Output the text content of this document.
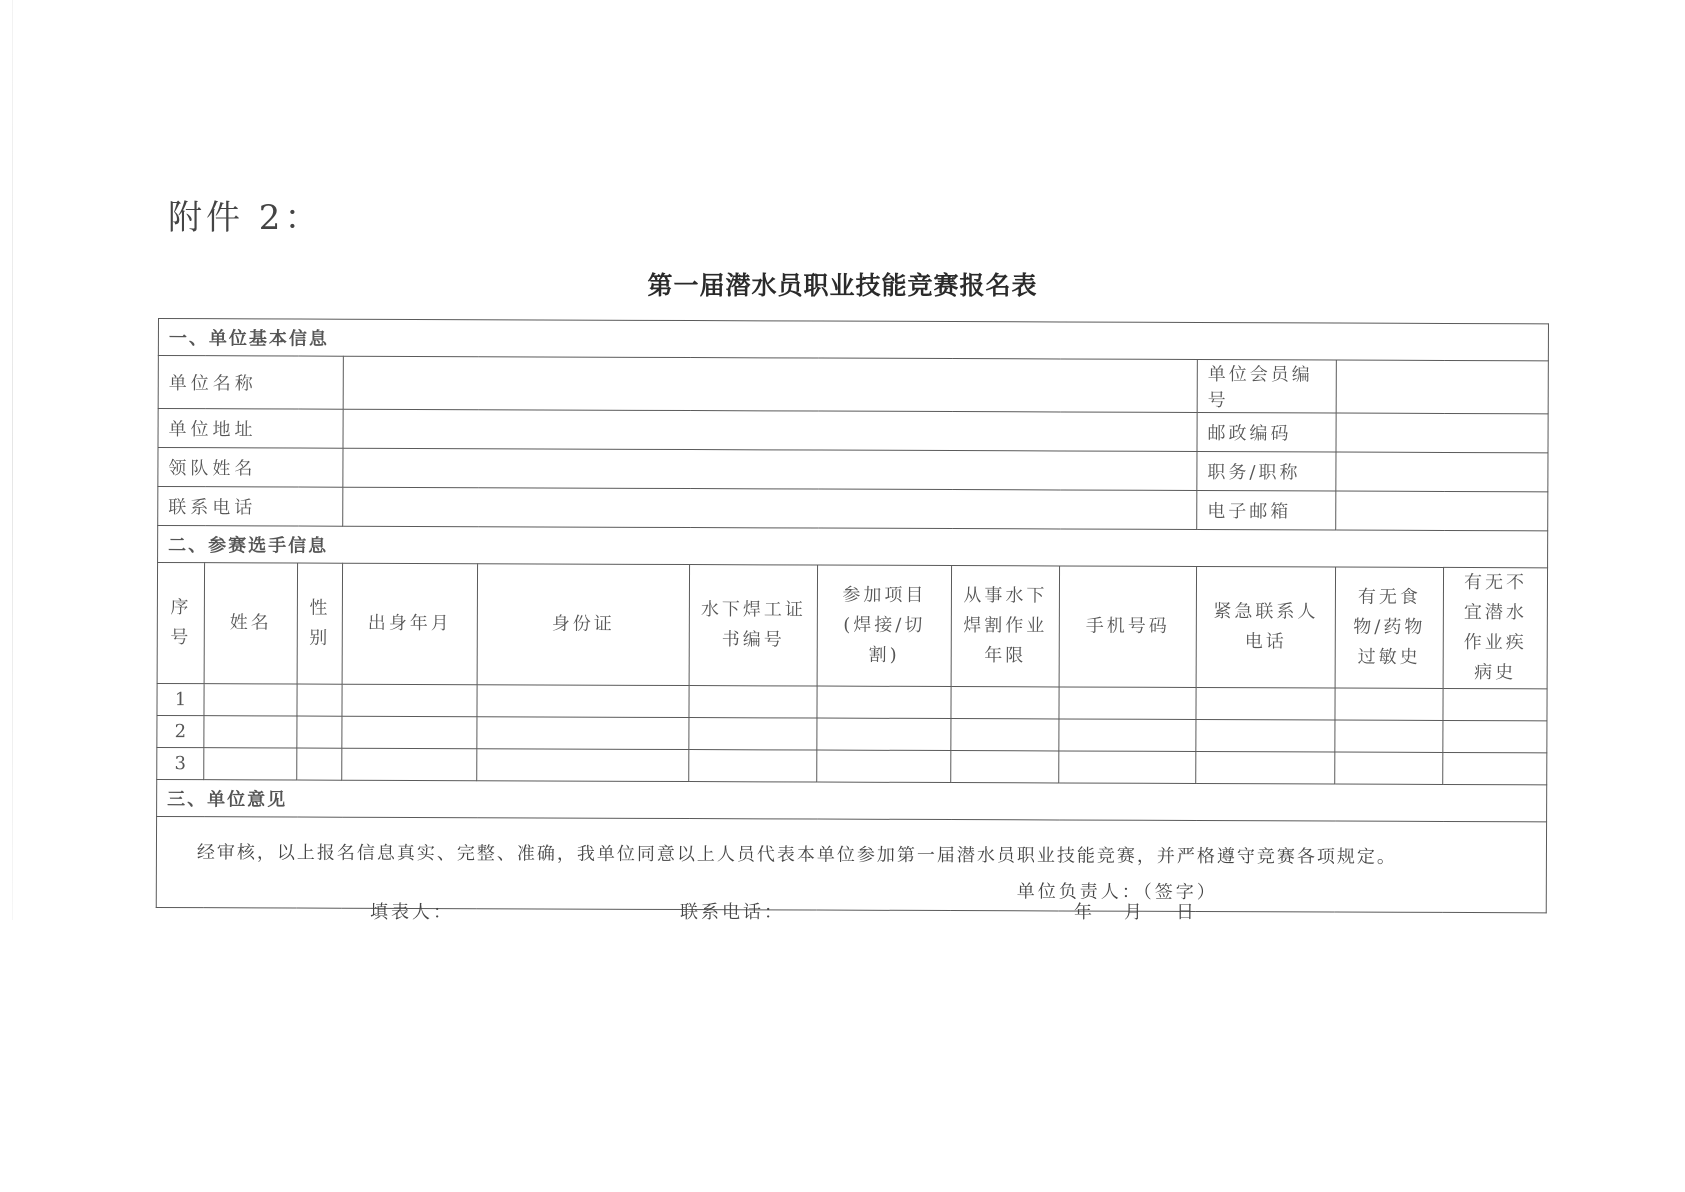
附件 2：
第一届潜水员职业技能竞赛报名表
一、单位基本信息											
单位名称									单位会员编号		
单位地址									邮政编码		
领队姓名									职务/职称		
联系电话									电子邮箱		
二、参赛选手信息											
序号	姓名	性别	出身年月	身份证	水下焊工证书编号	参加项目(焊接/切割)	从事水下焊割作业年限	手机号码	紧急联系人电话	有无食物/药物过敏史	有无不宜潜水作业疾病史
1											
2											
3											
三、单位意见											

经审核，以上报名信息真实、完整、准确，我单位同意以上人员代表本单位参加第一届潜水员职业技能竞赛，并严格遵守竞赛各项规定。
单位负责人：（签字）											
填表人：	联系电话：	年 月 日
